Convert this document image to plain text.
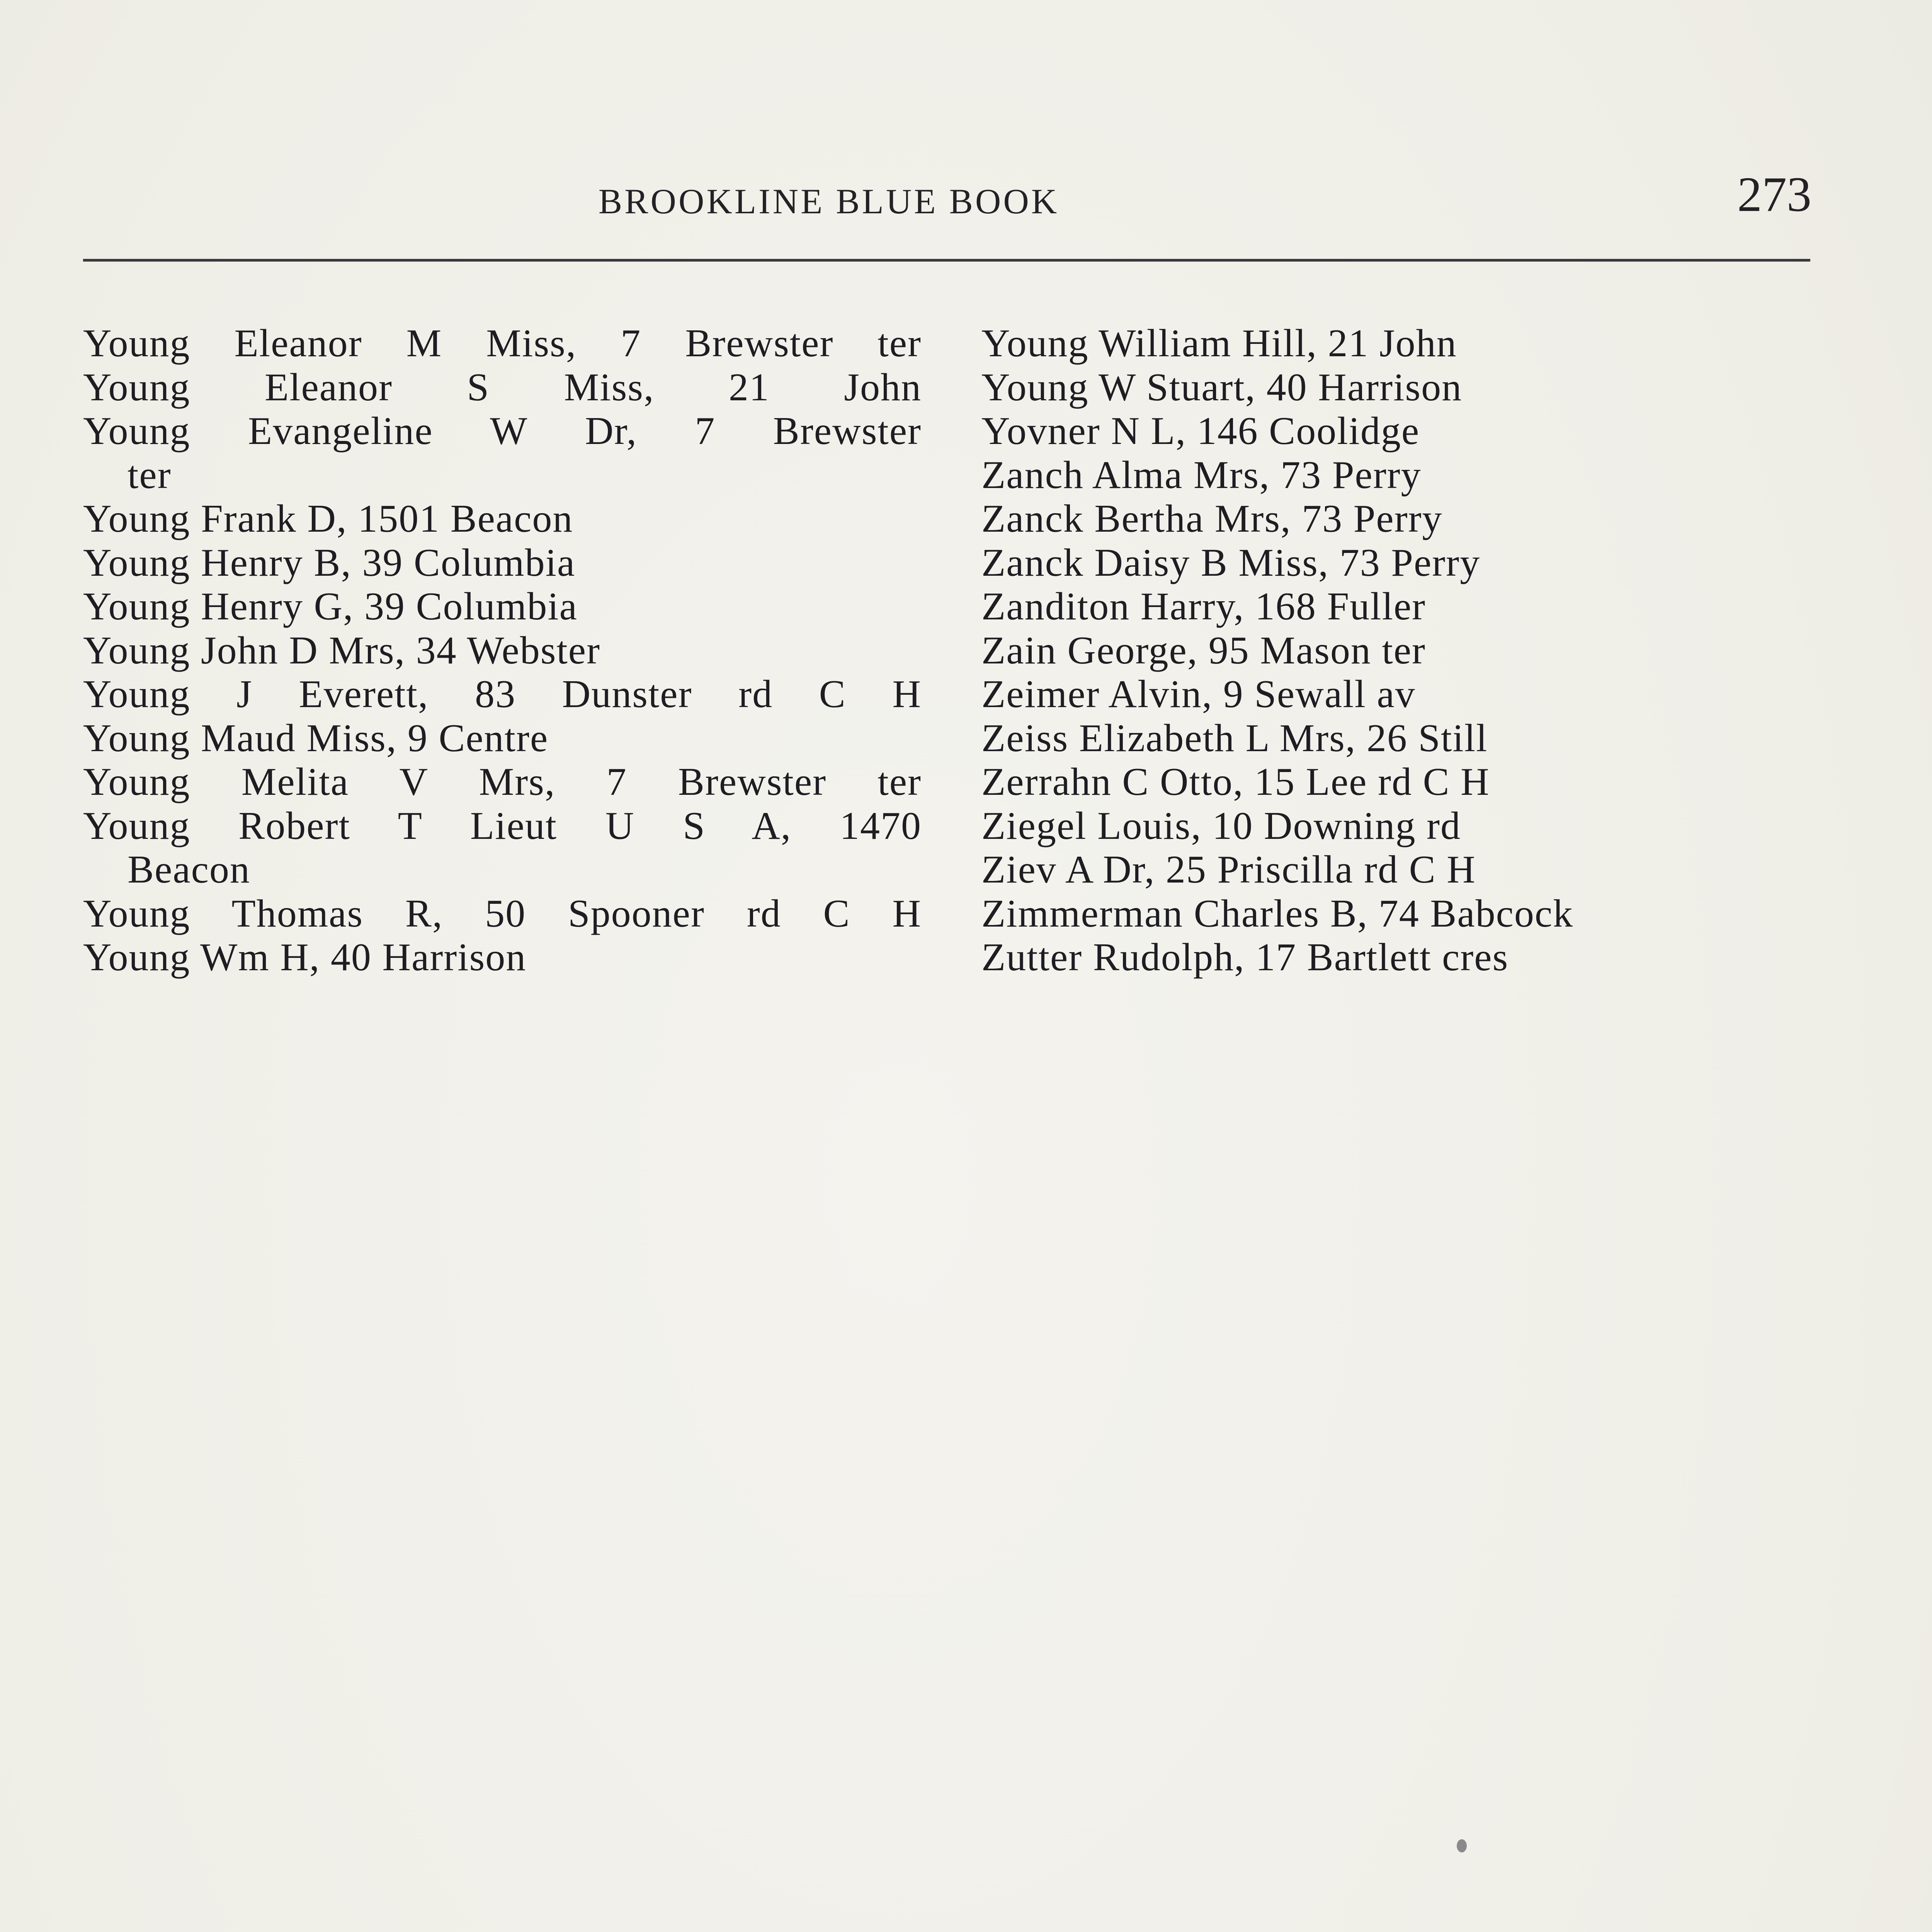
BROOKLINE BLUE BOOK	273
Young Eleanor M Miss, 7 Brewster ter
Young Eleanor S Miss, 21 John
Young Evangeline W Dr, 7 Brewster
ter
Young Frank D, 1501 Beacon
Young Henry B, 39 Columbia
Young Henry G, 39 Columbia
Young John D Mrs, 34 Webster
Young J Everett, 83 Dunster rd C H
Young Maud Miss, 9 Centre
Young Melita V Mrs, 7 Brewster ter
Young Robert T Lieut U S A, 1470
Beacon
Young Thomas R, 50 Spooner rd C H
Young Wm H, 40 Harrison
Young William Hill, 21 John
Young W Stuart, 40 Harrison
Yovner N L, 146 Coolidge
Zanch Alma Mrs, 73 Perry
Zanck Bertha Mrs, 73 Perry
Zanck Daisy B Miss, 73 Perry
Zanditon Harry, 168 Fuller
Zain George, 95 Mason ter
Zeimer Alvin, 9 Sewall av
Zeiss Elizabeth L Mrs, 26 Still
Zerrahn C Otto, 15 Lee rd C H
Ziegel Louis, 10 Downing rd
Ziev A Dr, 25 Priscilla rd C H
Zimmerman Charles B, 74 Babcock
Zutter Rudolph, 17 Bartlett cres
